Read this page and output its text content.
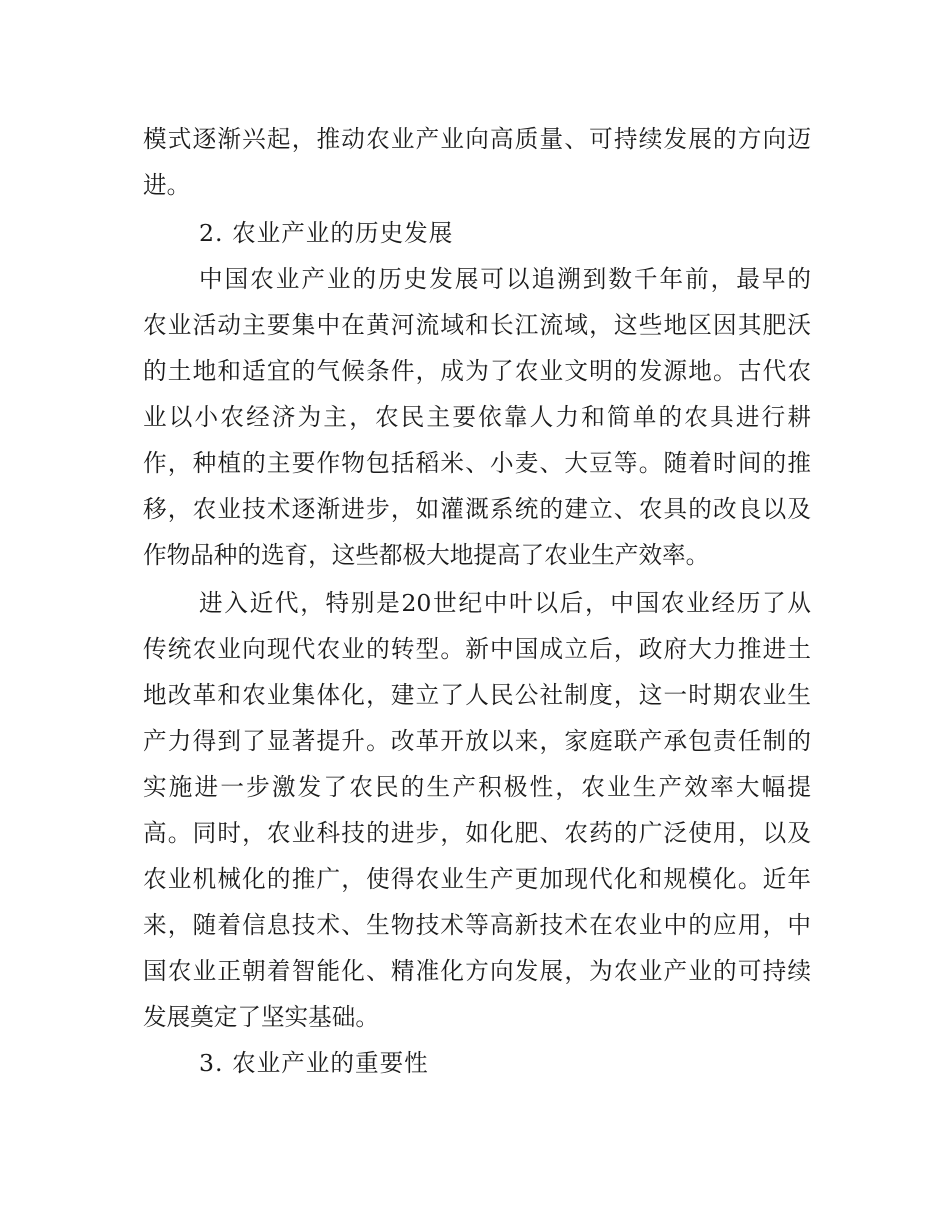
模式逐渐兴起，推动农业产业向高质量、可持续发展的方向迈
进。
2. 农业产业的历史发展
中国农业产业的历史发展可以追溯到数千年前，最早的
农业活动主要集中在黄河流域和长江流域，这些地区因其肥沃
的土地和适宜的气候条件，成为了农业文明的发源地。古代农
业以小农经济为主，农民主要依靠人力和简单的农具进行耕
作，种植的主要作物包括稻米、小麦、大豆等。随着时间的推
移，农业技术逐渐进步，如灌溉系统的建立、农具的改良以及
作物品种的选育，这些都极大地提高了农业生产效率。
进入近代，特别是20世纪中叶以后，中国农业经历了从
传统农业向现代农业的转型。新中国成立后，政府大力推进土
地改革和农业集体化，建立了人民公社制度，这一时期农业生
产力得到了显著提升。改革开放以来，家庭联产承包责任制的
实施进一步激发了农民的生产积极性，农业生产效率大幅提
高。同时，农业科技的进步，如化肥、农药的广泛使用，以及
农业机械化的推广，使得农业生产更加现代化和规模化。近年
来，随着信息技术、生物技术等高新技术在农业中的应用，中
国农业正朝着智能化、精准化方向发展，为农业产业的可持续
发展奠定了坚实基础。
3. 农业产业的重要性
